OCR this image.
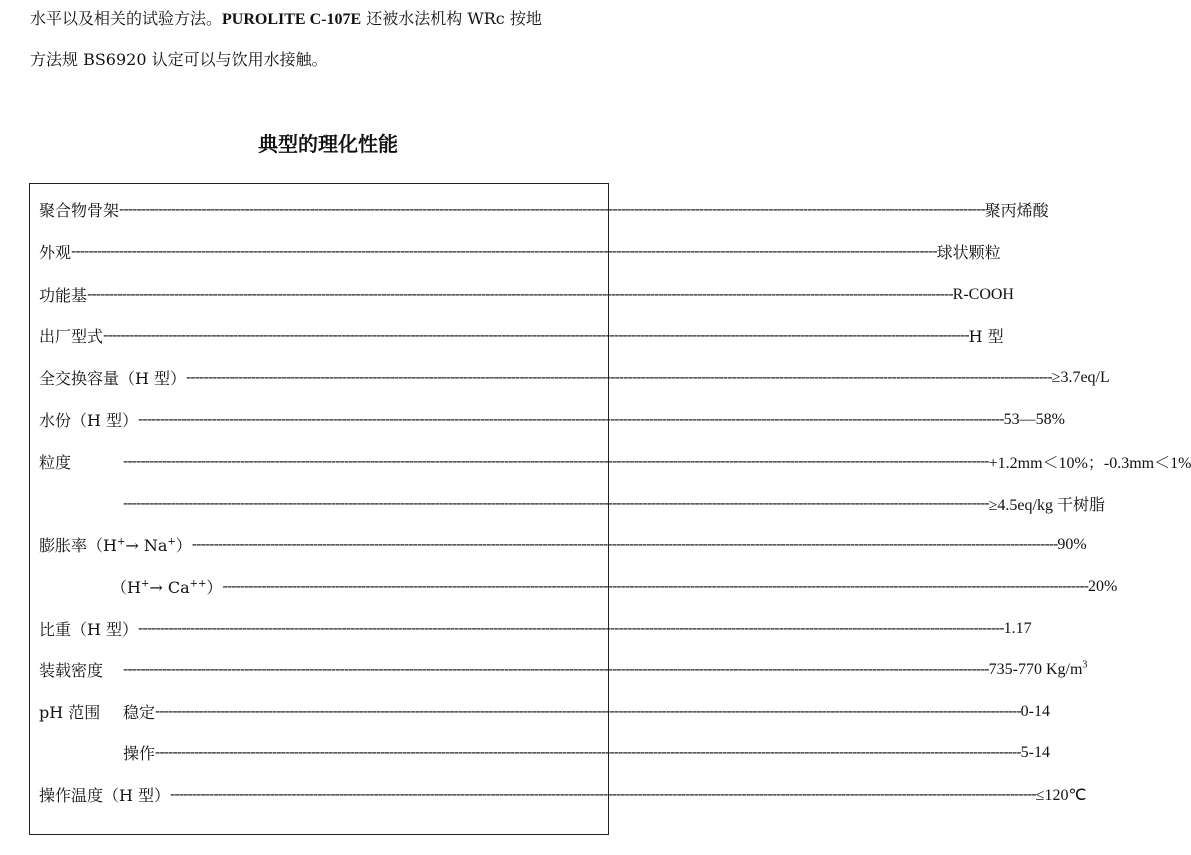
水平以及相关的试验方法。PUROLITE C-107E 还被水法机构 WRc 按地
方法规 BS6920 认定可以与饮用水接触。
典型的理化性能
聚合物骨架 -------------------------------------------------------------------------------------------------------------------------------------------------------------------------------------------------------- 聚丙烯酸
外观 -------------------------------------------------------------------------------------------------------------------------------------------------------------------------------------------------------- 球状颗粒
功能基 -------------------------------------------------------------------------------------------------------------------------------------------------------------------------------------------------------- R-COOH
出厂型式 -------------------------------------------------------------------------------------------------------------------------------------------------------------------------------------------------------- H 型
全交换容量（H 型） -------------------------------------------------------------------------------------------------------------------------------------------------------------------------------------------------------- ≥3.7eq/L
水份（H 型） -------------------------------------------------------------------------------------------------------------------------------------------------------------------------------------------------------- 53—58%
粒度	-------------------------------------------------------------------------------------------------------------------------------------------------------------------------------------------------------- +1.2mm＜10%；-0.3mm＜1%
-------------------------------------------------------------------------------------------------------------------------------------------------------------------------------------------------------- ≥4.5eq/kg 干树脂
膨胀率（H+→ Na+） -------------------------------------------------------------------------------------------------------------------------------------------------------------------------------------------------------- 90%
（H+→ Ca++） -------------------------------------------------------------------------------------------------------------------------------------------------------------------------------------------------------- 20%
比重（H 型） -------------------------------------------------------------------------------------------------------------------------------------------------------------------------------------------------------- 1.17
装载密度	-------------------------------------------------------------------------------------------------------------------------------------------------------------------------------------------------------- 735-770 $Kg/m^3$
pH 范围	稳定 -------------------------------------------------------------------------------------------------------------------------------------------------------------------------------------------------------- 0-14
操作 -------------------------------------------------------------------------------------------------------------------------------------------------------------------------------------------------------- 5-14
操作温度（H 型） -------------------------------------------------------------------------------------------------------------------------------------------------------------------------------------------------------- ≤120℃
